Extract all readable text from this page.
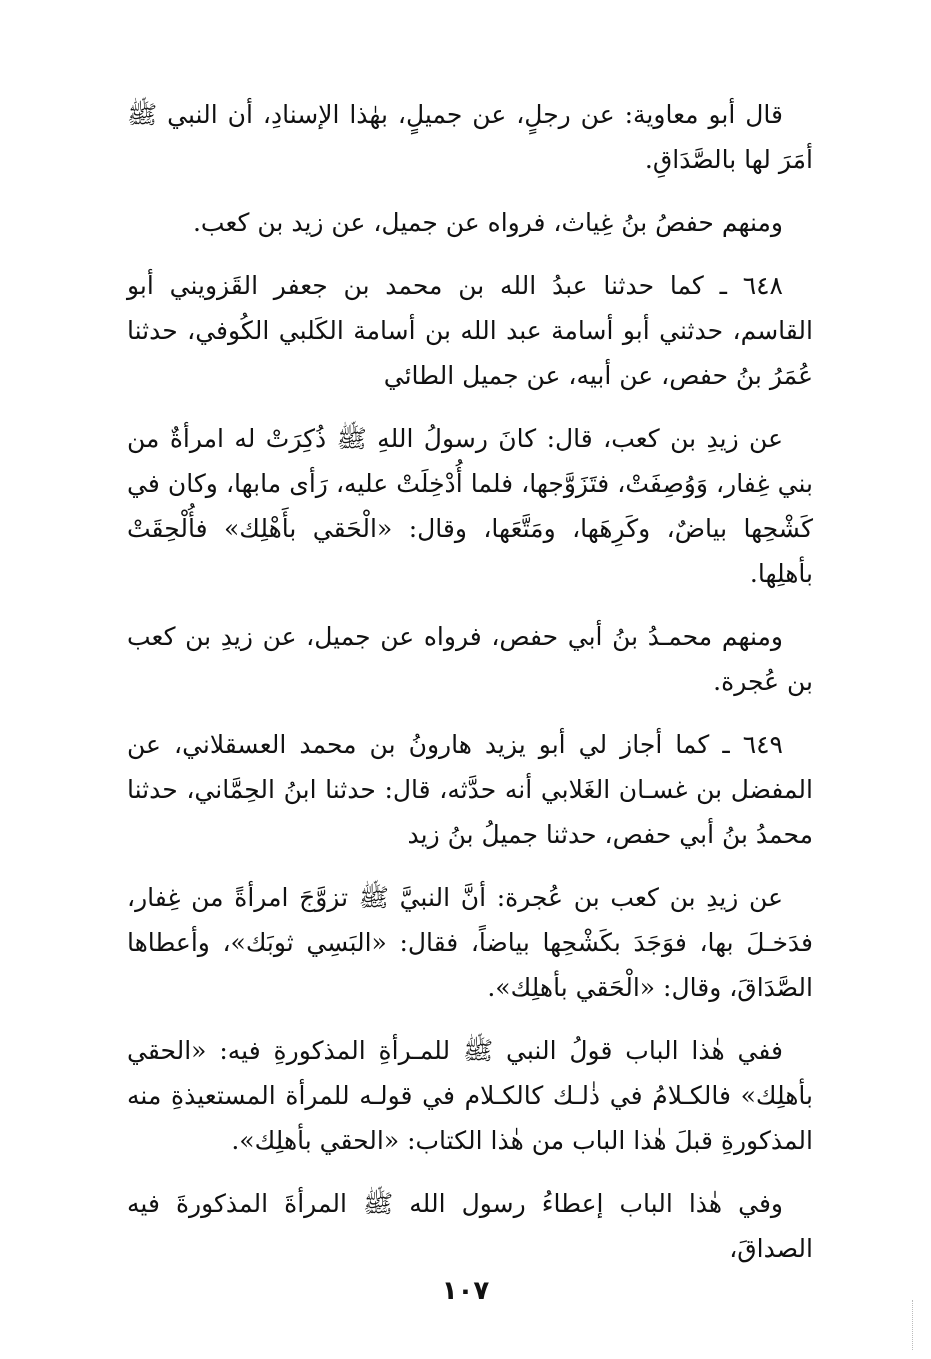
قال أبو معاوية: عن رجلٍ، عن جميلٍ، بهٰذا الإسنادِ، أن النبي ﷺ أمَرَ لها بالصَّدَاقِ.

ومنهم حفصُ بنُ غِياث، فرواه عن جميل، عن زيد بن كعب.

٦٤٨ ـ كما حدثنا عبدُ الله بن محمد بن جعفر القَزويني أبو القاسم، حدثني أبو أسامة عبد الله بن أسامة الكَلبي الكُوفي، حدثنا عُمَرُ بنُ حفص، عن أبيه، عن جميل الطائي

عن زيدِ بن كعب، قال: كانَ رسولُ اللهِ ﷺ ذُكِرَتْ له امرأةٌ من بني غِفار، وَوُصِفَتْ، فتَزَوَّجها، فلما أُدْخِلَتْ عليه، رَأى مابها، وكان في كَشْحِها بياضٌ، وكَرِهَها، ومَتَّعَها، وقال: «الْحَقي بأَهْلِك» فأُلْحِقَتْ بأهلِها.

ومنهم محمـدُ بنُ أبي حفص، فرواه عن جميل، عن زيدِ بن كعب بن عُجرة.

٦٤٩ ـ كما أجاز لي أبو يزيد هارونُ بن محمد العسقلاني، عن المفضل بن غسـان الغَلابي أنه حدَّثه، قال: حدثنا ابنُ الحِمَّاني، حدثنا محمدُ بنُ أبي حفص، حدثنا جميلُ بنُ زيد

عن زيدِ بن كعب بن عُجرة: أنَّ النبيَّ ﷺ تزوَّجَ امرأةً من غِفار، فدَخـلَ بها، فوَجَدَ بكَشْحِها بياضاً، فقال: «البَسِي ثوبَك»، وأعطاها الصَّدَاقَ، وقال: «الْحَقي بأهلِك».

ففي هٰذا الباب قولُ النبي ﷺ للمـرأةِ المذكورةِ فيه: «الحقي بأهلِك» فالكـلامُ في ذٰلـك كالكـلام في قولـه للمرأة المستعيذةِ منه المذكورةِ قبلَ هٰذا الباب من هٰذا الكتاب: «الحقي بأهلِك».

وفي هٰذا الباب إعطاءُ رسول الله ﷺ المرأةَ المذكورةَ فيه الصداقَ،

١٠٧
